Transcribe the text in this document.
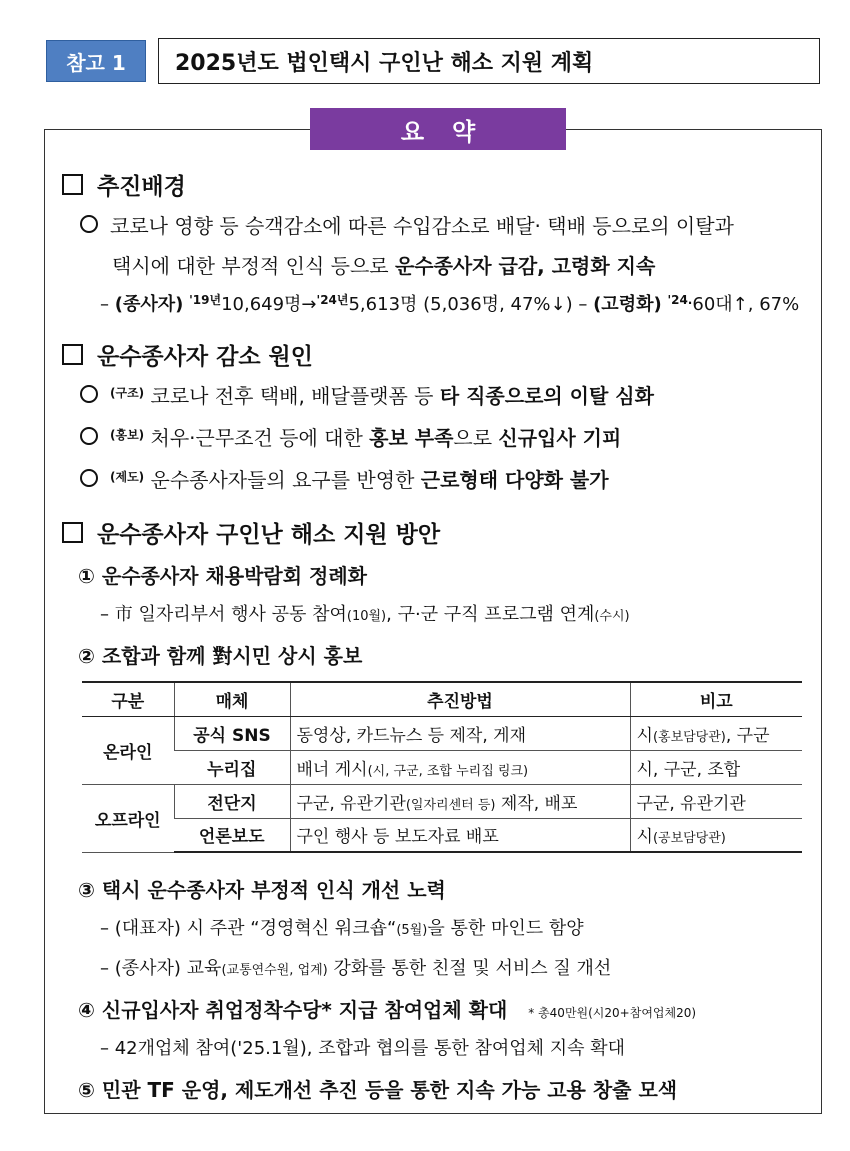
참고 1	2025년도 법인택시 구인난 해소 지원 계획
요약
추진배경
코로나 영향 등 승객감소에 따른 수입감소로 배달· 택배 등으로의 이탈과
택시에 대한 부정적 인식 등으로 운수종사자 급감, 고령화 지속
– (종사자) $^{'19년}$10,649명→$^{'24년}$5,613명 (5,036명, 47%↓) – (고령화) $^{'24.}$60대↑, 67%
운수종사자 감소 원인
$^{(구조)}$ 코로나 전후 택배, 배달플랫폼 등 타 직종으로의 이탈 심화
$^{(홍보)}$ 처우·근무조건 등에 대한 홍보 부족으로 신규입사 기피
$^{(제도)}$ 운수종사자들의 요구를 반영한 근로형태 다양화 불가
운수종사자 구인난 해소 지원 방안
① 운수종사자 채용박람회 정례화
– 市 일자리부서 행사 공동 참여(10월), 구·군 구직 프로그램 연계(수시)
② 조합과 함께 對시민 상시 홍보
구분	매체	추진방법	비고
온라인	공식 SNS	동영상, 카드뉴스 등 제작, 게재	시(홍보담당관), 구군
	누리집	배너 게시(시, 구군, 조합 누리집 링크)	시, 구군, 조합
오프라인	전단지	구군, 유관기관(일자리센터 등) 제작, 배포	구군, 유관기관
	언론보도	구인 행사 등 보도자료 배포	시(공보담당관)
③ 택시 운수종사자 부정적 인식 개선 노력
– (대표자) 시 주관 “경영혁신 워크숍“(5월)을 통한 마인드 함양
– (종사자) 교육(교통연수원, 업계) 강화를 통한 친절 및 서비스 질 개선
④ 신규입사자 취업정착수당* 지급 참여업체 확대 * 총40만원(시20+참여업체20)
– 42개업체 참여('25.1월), 조합과 협의를 통한 참여업체 지속 확대
⑤ 민관 TF 운영, 제도개선 추진 등을 통한 지속 가능 고용 창출 모색
